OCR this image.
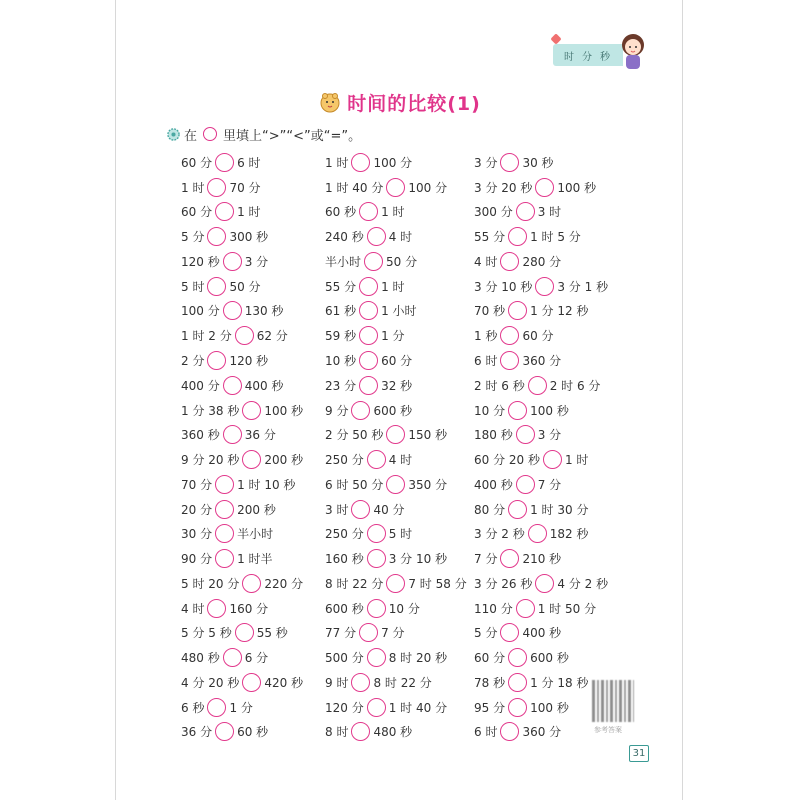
时分秒
时间的比较(1)
在 里填上“>”“<”或“=”。
60 分 6 时
1 时 70 分
60 分 1 时
5 分 300 秒
120 秒 3 分
5 时 50 分
100 分 130 秒
1 时 2 分 62 分
2 分 120 秒
400 分 400 秒
1 分 38 秒 100 秒
360 秒 36 分
9 分 20 秒 200 秒
70 分 1 时 10 秒
20 分 200 秒
30 分 半小时
90 分 1 时半
5 时 20 分 220 分
4 时 160 分
5 分 5 秒 55 秒
480 秒 6 分
4 分 20 秒 420 秒
6 秒 1 分
36 分 60 秒
1 时 100 分
1 时 40 分 100 分
60 秒 1 时
240 秒 4 时
半小时 50 分
55 分 1 时
61 秒 1 小时
59 秒 1 分
10 秒 60 分
23 分 32 秒
9 分 600 秒
2 分 50 秒 150 秒
250 分 4 时
6 时 50 分 350 分
3 时 40 分
250 分 5 时
160 秒 3 分 10 秒
8 时 22 分 7 时 58 分
600 秒 10 分
77 分 7 分
500 分 8 时 20 秒
9 时 8 时 22 分
120 分 1 时 40 分
8 时 480 秒
3 分 30 秒
3 分 20 秒 100 秒
300 分 3 时
55 分 1 时 5 分
4 时 280 分
3 分 10 秒 3 分 1 秒
70 秒 1 分 12 秒
1 秒 60 分
6 时 360 分
2 时 6 秒 2 时 6 分
10 分 100 秒
180 秒 3 分
60 分 20 秒 1 时
400 秒 7 分
80 分 1 时 30 分
3 分 2 秒 182 秒
7 分 210 秒
3 分 26 秒 4 分 2 秒
110 分 1 时 50 分
5 分 400 秒
60 分 600 秒
78 秒 1 分 18 秒
95 分 100 秒
6 时 360 分	参考答案
31
